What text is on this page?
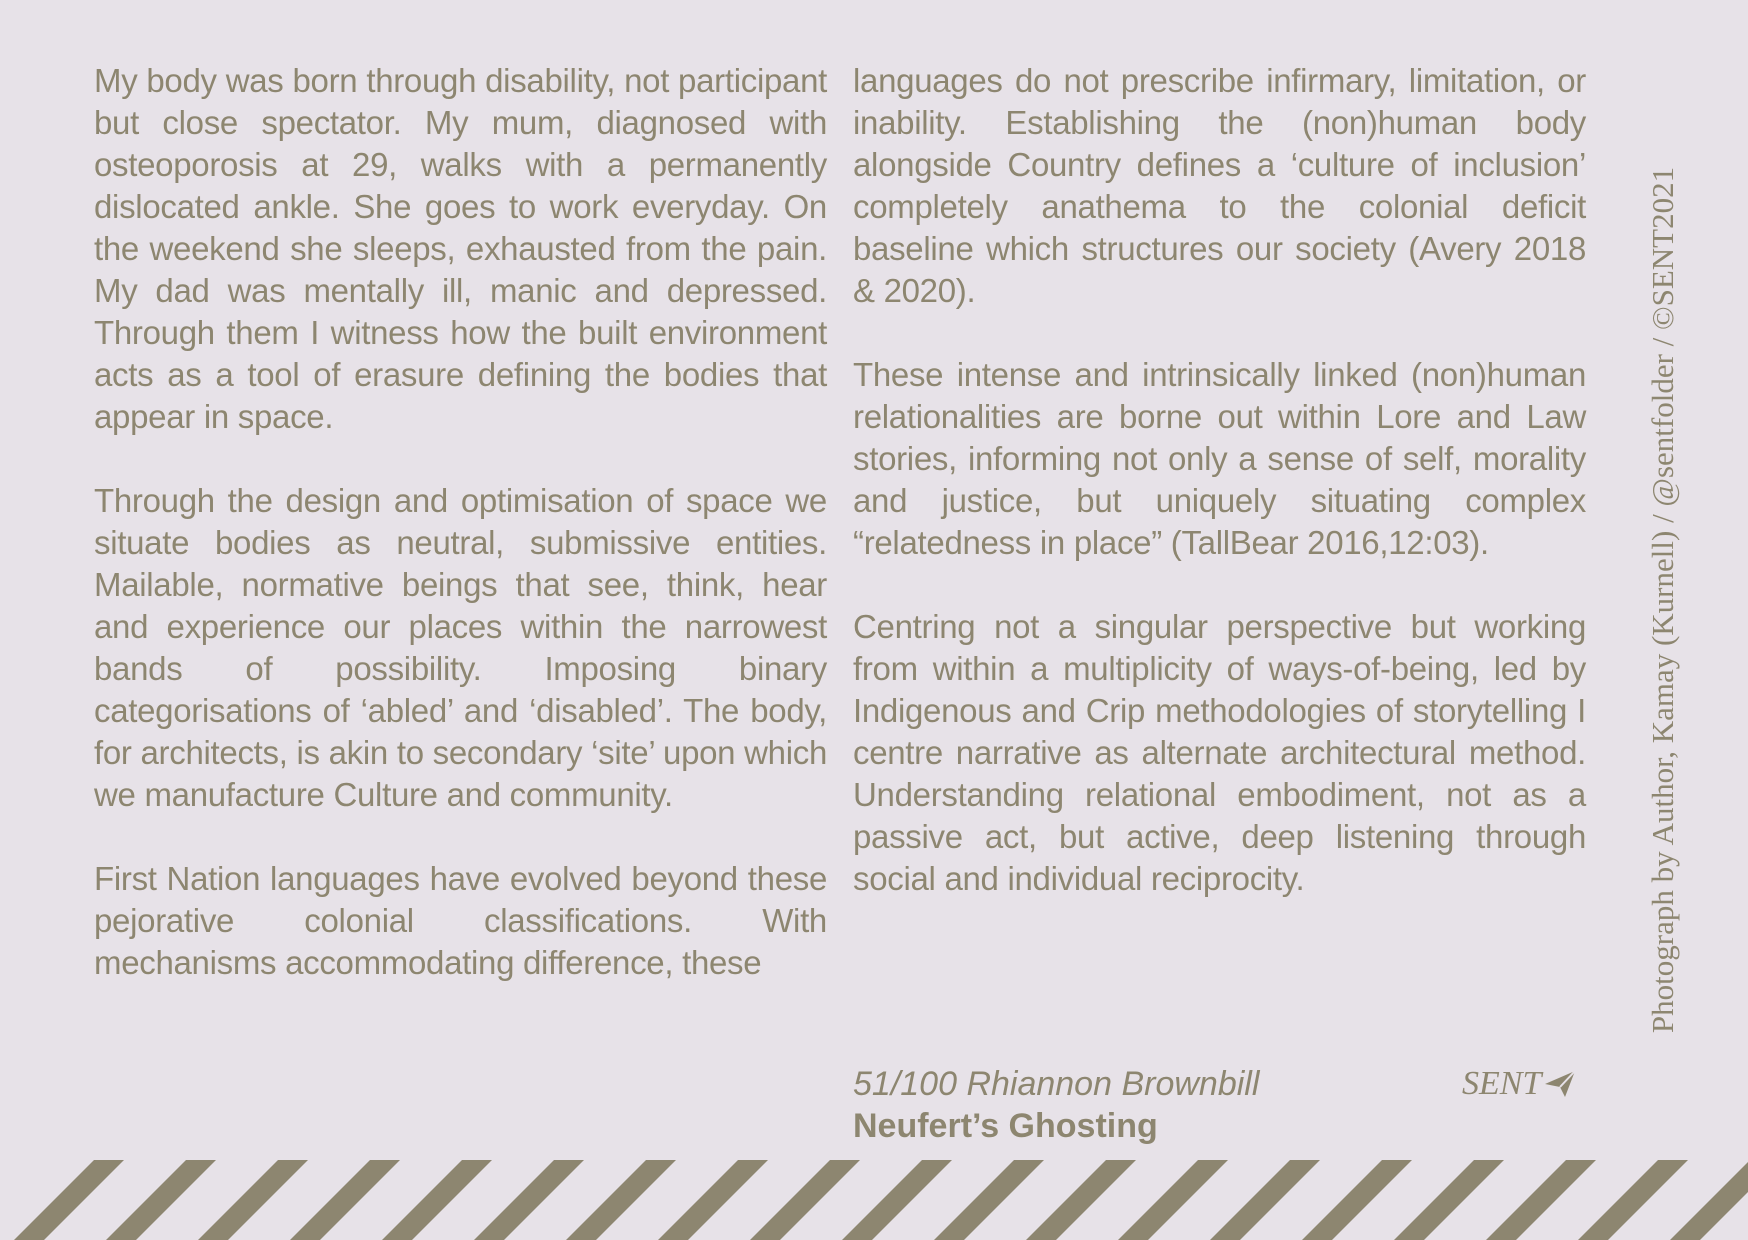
My body was born through disability, not participant but close spectator. My mum, diagnosed with osteoporosis at 29, walks with a permanently dislocated ankle. She goes to work everyday. On the weekend she sleeps, exhausted from the pain. My dad was mentally ill, manic and depressed. Through them I witness how the built environment acts as a tool of erasure defining the bodies that appear in space.

Through the design and optimisation of space we situate bodies as neutral, submissive entities. Mailable, normative beings that see, think, hear and experience our places within the narrowest bands of possibility. Imposing binary categorisations of ‘abled’ and ‘disabled’. The body, for architects, is akin to secondary ‘site’ upon which we manufacture Culture and community.

First Nation languages have evolved beyond these pejorative colonial classifications. With mechanisms accommodating difference, these

languages do not prescribe infirmary, limitation, or inability. Establishing the (non)human body alongside Country defines a ‘culture of inclusion’ completely anathema to the colonial deficit baseline which structures our society (Avery 2018 & 2020).

These intense and intrinsically linked (non)human relationalities are borne out within Lore and Law stories, informing not only a sense of self, morality and justice, but uniquely situating complex “relatedness in place” (TallBear 2016,12:03).

Centring not a singular perspective but working from within a multiplicity of ways-of-being, led by Indigenous and Crip methodologies of storytelling I centre narrative as alternate architectural method. Understanding relational embodiment, not as a passive act, but active, deep listening through social and individual reciprocity.	Photograph by Author, Kamay (Kurnell) / @sentfolder / ©SENT2021
51/100 Rhiannon Brownbill
Neufert’s Ghosting
SENT
